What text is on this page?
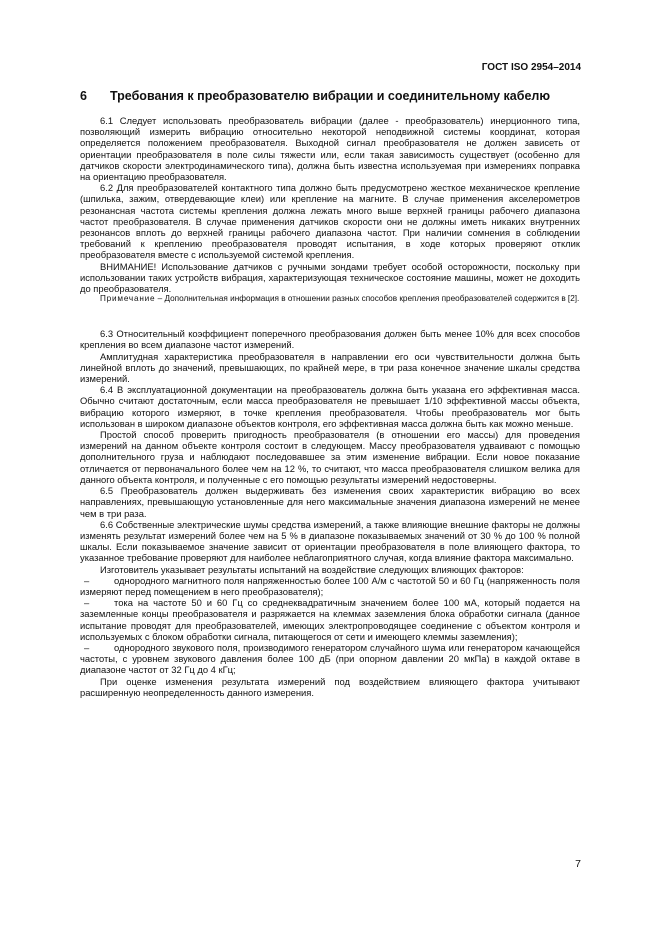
ГОСТ ISO 2954–2014
6 Требования к преобразователю вибрации и соединительному кабелю

6.1 Следует использовать преобразователь вибрации (далее - преобразователь) инерционного типа, позволяющий измерить вибрацию относительно некоторой неподвижной системы координат, которая определяется положением преобразователя. Выходной сигнал преобразователя не должен зависеть от ориентации преобразователя в поле силы тяжести или, если такая зависимость существует (особенно для датчиков скорости электродинамического типа), должна быть известна используемая при измерениях поправка на ориентацию преобразователя.

6.2 Для преобразователей контактного типа должно быть предусмотрено жесткое механическое крепление (шпилька, зажим, отвердевающие клеи) или крепление на магните. В случае применения акселерометров резонансная частота системы крепления должна лежать много выше верхней границы рабочего диапазона частот преобразователя. В случае применения датчиков скорости они не должны иметь никаких внутренних резонансов вплоть до верхней границы рабочего диапазона частот. При наличии сомнения в соблюдении требований к креплению преобразователя проводят испытания, в ходе которых проверяют отклик преобразователя вместе с используемой системой крепления.

ВНИМАНИЕ! Использование датчиков с ручными зондами требует особой осторожности, поскольку при использовании таких устройств вибрация, характеризующая техническое состояние машины, может не доходить до преобразователя.

Примечание – Дополнительная информация в отношении разных способов крепления преобразователей содержится в [2].

6.3 Относительный коэффициент поперечного преобразования должен быть менее 10% для всех способов крепления во всем диапазоне частот измерений.

Амплитудная характеристика преобразователя в направлении его оси чувствительности должна быть линейной вплоть до значений, превышающих, по крайней мере, в три раза конечное значение шкалы средства измерений.

6.4 В эксплуатационной документации на преобразователь должна быть указана его эффективная масса. Обычно считают достаточным, если масса преобразователя не превышает 1/10 эффективной массы объекта, вибрацию которого измеряют, в точке крепления преобразователя. Чтобы преобразователь мог быть использован в широком диапазоне объектов контроля, его эффективная масса должна быть как можно меньше.

Простой способ проверить пригодность преобразователя (в отношении его массы) для проведения измерений на данном объекте контроля состоит в следующем. Массу преобразователя удваивают с помощью дополнительного груза и наблюдают последовавшее за этим изменение вибрации. Если новое показание отличается от первоначального более чем на 12 %, то считают, что масса преобразователя слишком велика для данного объекта контроля, и полученные с его помощью результаты измерений недостоверны.

6.5 Преобразователь должен выдерживать без изменения своих характеристик вибрацию во всех направлениях, превышающую установленные для него максимальные значения диапазона измерений не менее чем в три раза.

6.6 Собственные электрические шумы средства измерений, а также влияющие внешние факторы не должны изменять результат измерений более чем на 5 % в диапазоне показываемых значений от 30 % до 100 % полной шкалы. Если показываемое значение зависит от ориентации преобразователя в поле влияющего фактора, то указанное требование проверяют для наиболее неблагоприятного случая, когда влияние фактора максимально.

Изготовитель указывает результаты испытаний на воздействие следующих влияющих факторов:

–	однородного магнитного поля напряженностью более 100 А/м с частотой 50 и 60 Гц (напряженность поля измеряют перед помещением в него преобразователя);

–	тока на частоте 50 и 60 Гц со среднеквадратичным значением более 100 мА, который подается на заземленные концы преобразователя и разряжается на клеммах заземления блока обработки сигнала (данное испытание проводят для преобразователей, имеющих электропроводящее соединение с объектом контроля и используемых с блоком обработки сигнала, питающегося от сети и имеющего клеммы заземления);

–	однородного звукового поля, производимого генератором случайного шума или генератором качающейся частоты, с уровнем звукового давления более 100 дБ (при опорном давлении 20 мкПа) в каждой октаве в диапазоне частот от 32 Гц до 4 кГц;

При оценке изменения результата измерений под воздействием влияющего фактора учитывают расширенную неопределенность данного измерения.

7
